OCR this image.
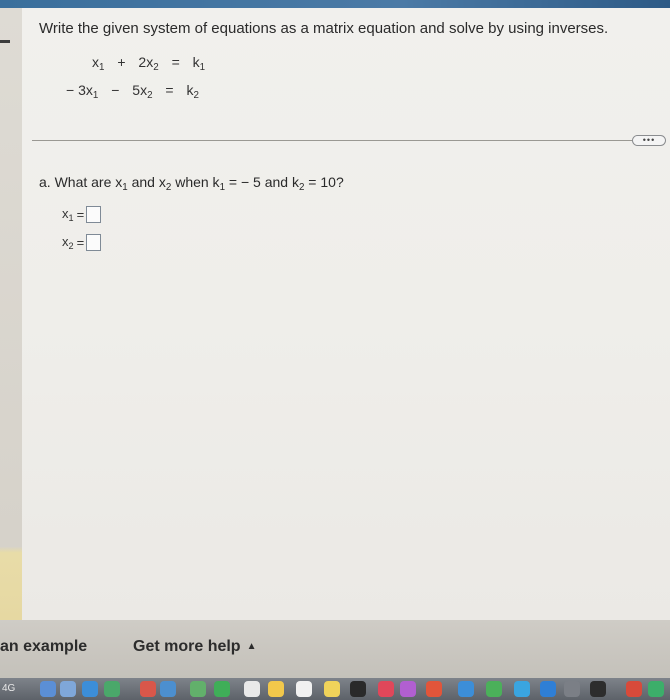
Write the given system of equations as a matrix equation and solve by using inverses.
$x_1 + 2x_2 = k_1$
− $3x_1 - 5x_2 = k_2$
•••
a. What are $x_1$ and $x_2$ when $k_1$ = − 5 and $k_2 = 10$?
$x_1$ =
$x_2$ =
an example	Get more help ▲
4G
